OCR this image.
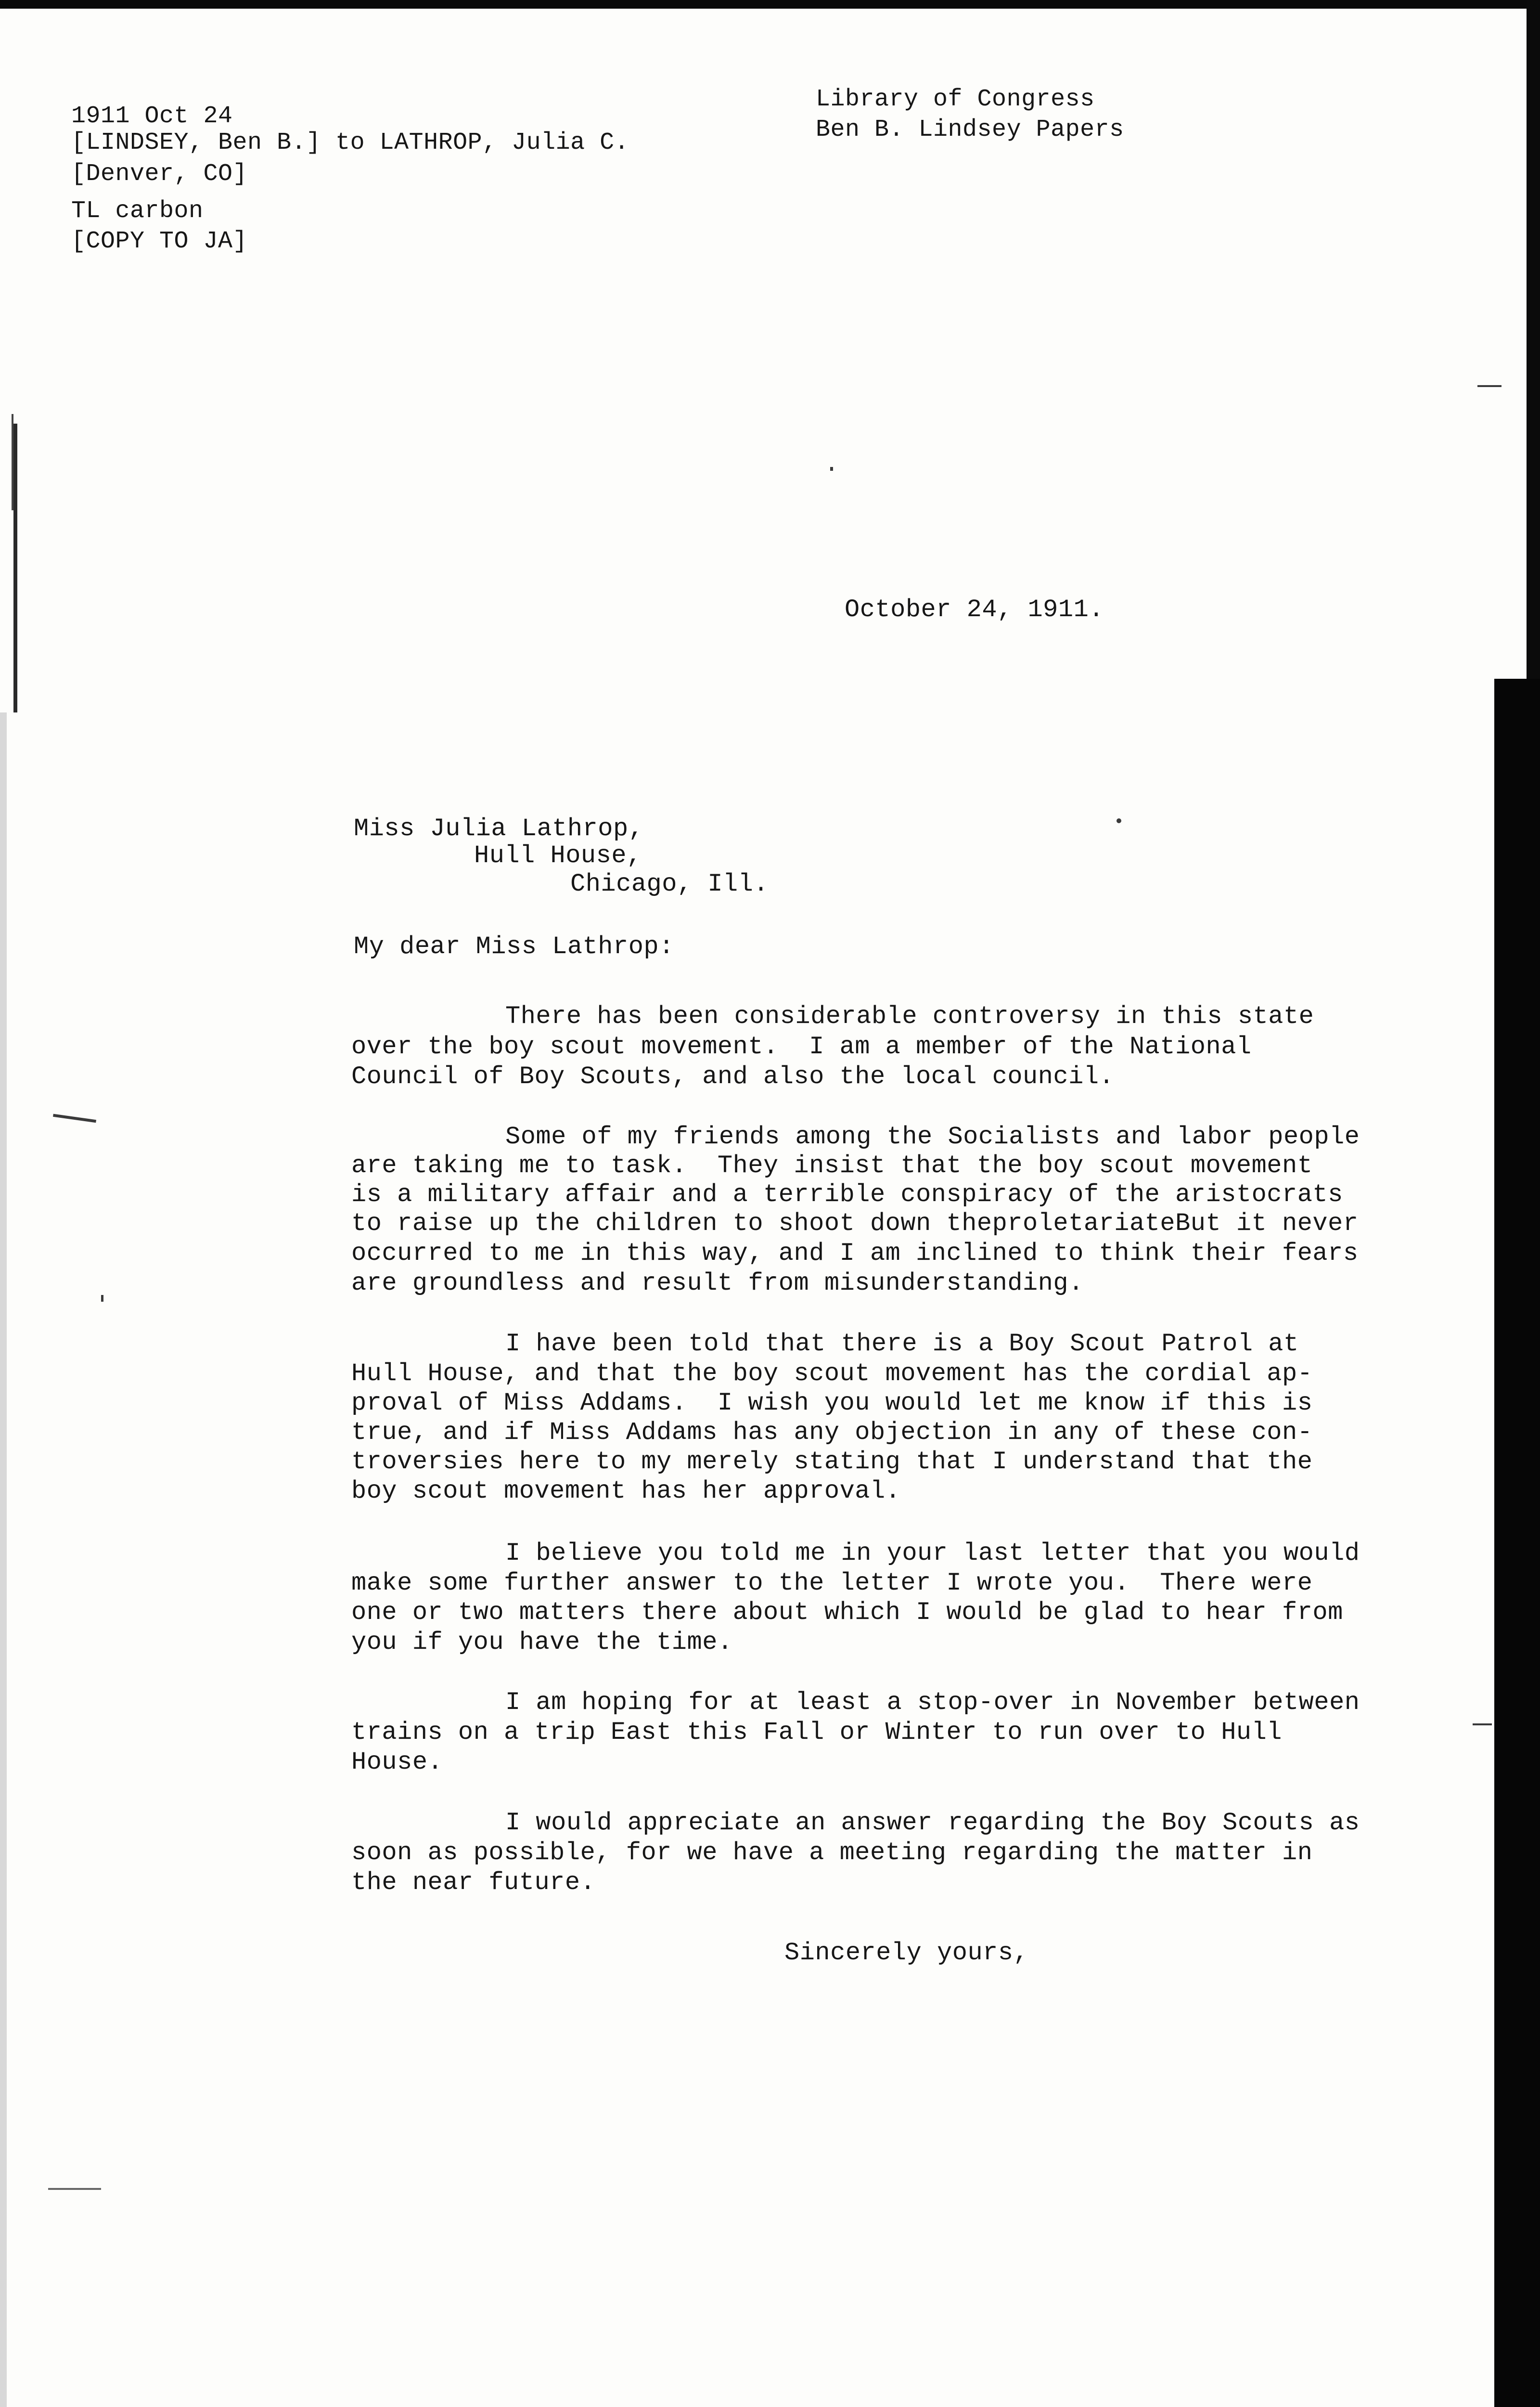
1911 Oct 24
[LINDSEY, Ben B.] to LATHROP, Julia C.
[Denver, CO]
TL carbon
[COPY TO JA]
Library of Congress
Ben B. Lindsey Papers
October 24, 1911.
Miss Julia Lathrop,
Hull House,
Chicago, Ill.
My dear Miss Lathrop:
There has been considerable controversy in this state
over the boy scout movement.  I am a member of the National
Council of Boy Scouts, and also the local council.
Some of my friends among the Socialists and labor people
are taking me to task.  They insist that the boy scout movement
is a military affair and a terrible conspiracy of the aristocrats
to raise up the children to shoot down theproletariateBut it never
occurred to me in this way, and I am inclined to think their fears
are groundless and result from misunderstanding.
I have been told that there is a Boy Scout Patrol at
Hull House, and that the boy scout movement has the cordial ap-
proval of Miss Addams.  I wish you would let me know if this is
true, and if Miss Addams has any objection in any of these con-
troversies here to my merely stating that I understand that the
boy scout movement has her approval.
I believe you told me in your last letter that you would
make some further answer to the letter I wrote you.  There were
one or two matters there about which I would be glad to hear from
you if you have the time.
I am hoping for at least a stop-over in November between
trains on a trip East this Fall or Winter to run over to Hull
House.
I would appreciate an answer regarding the Boy Scouts as
soon as possible, for we have a meeting regarding the matter in
the near future.
Sincerely yours,
